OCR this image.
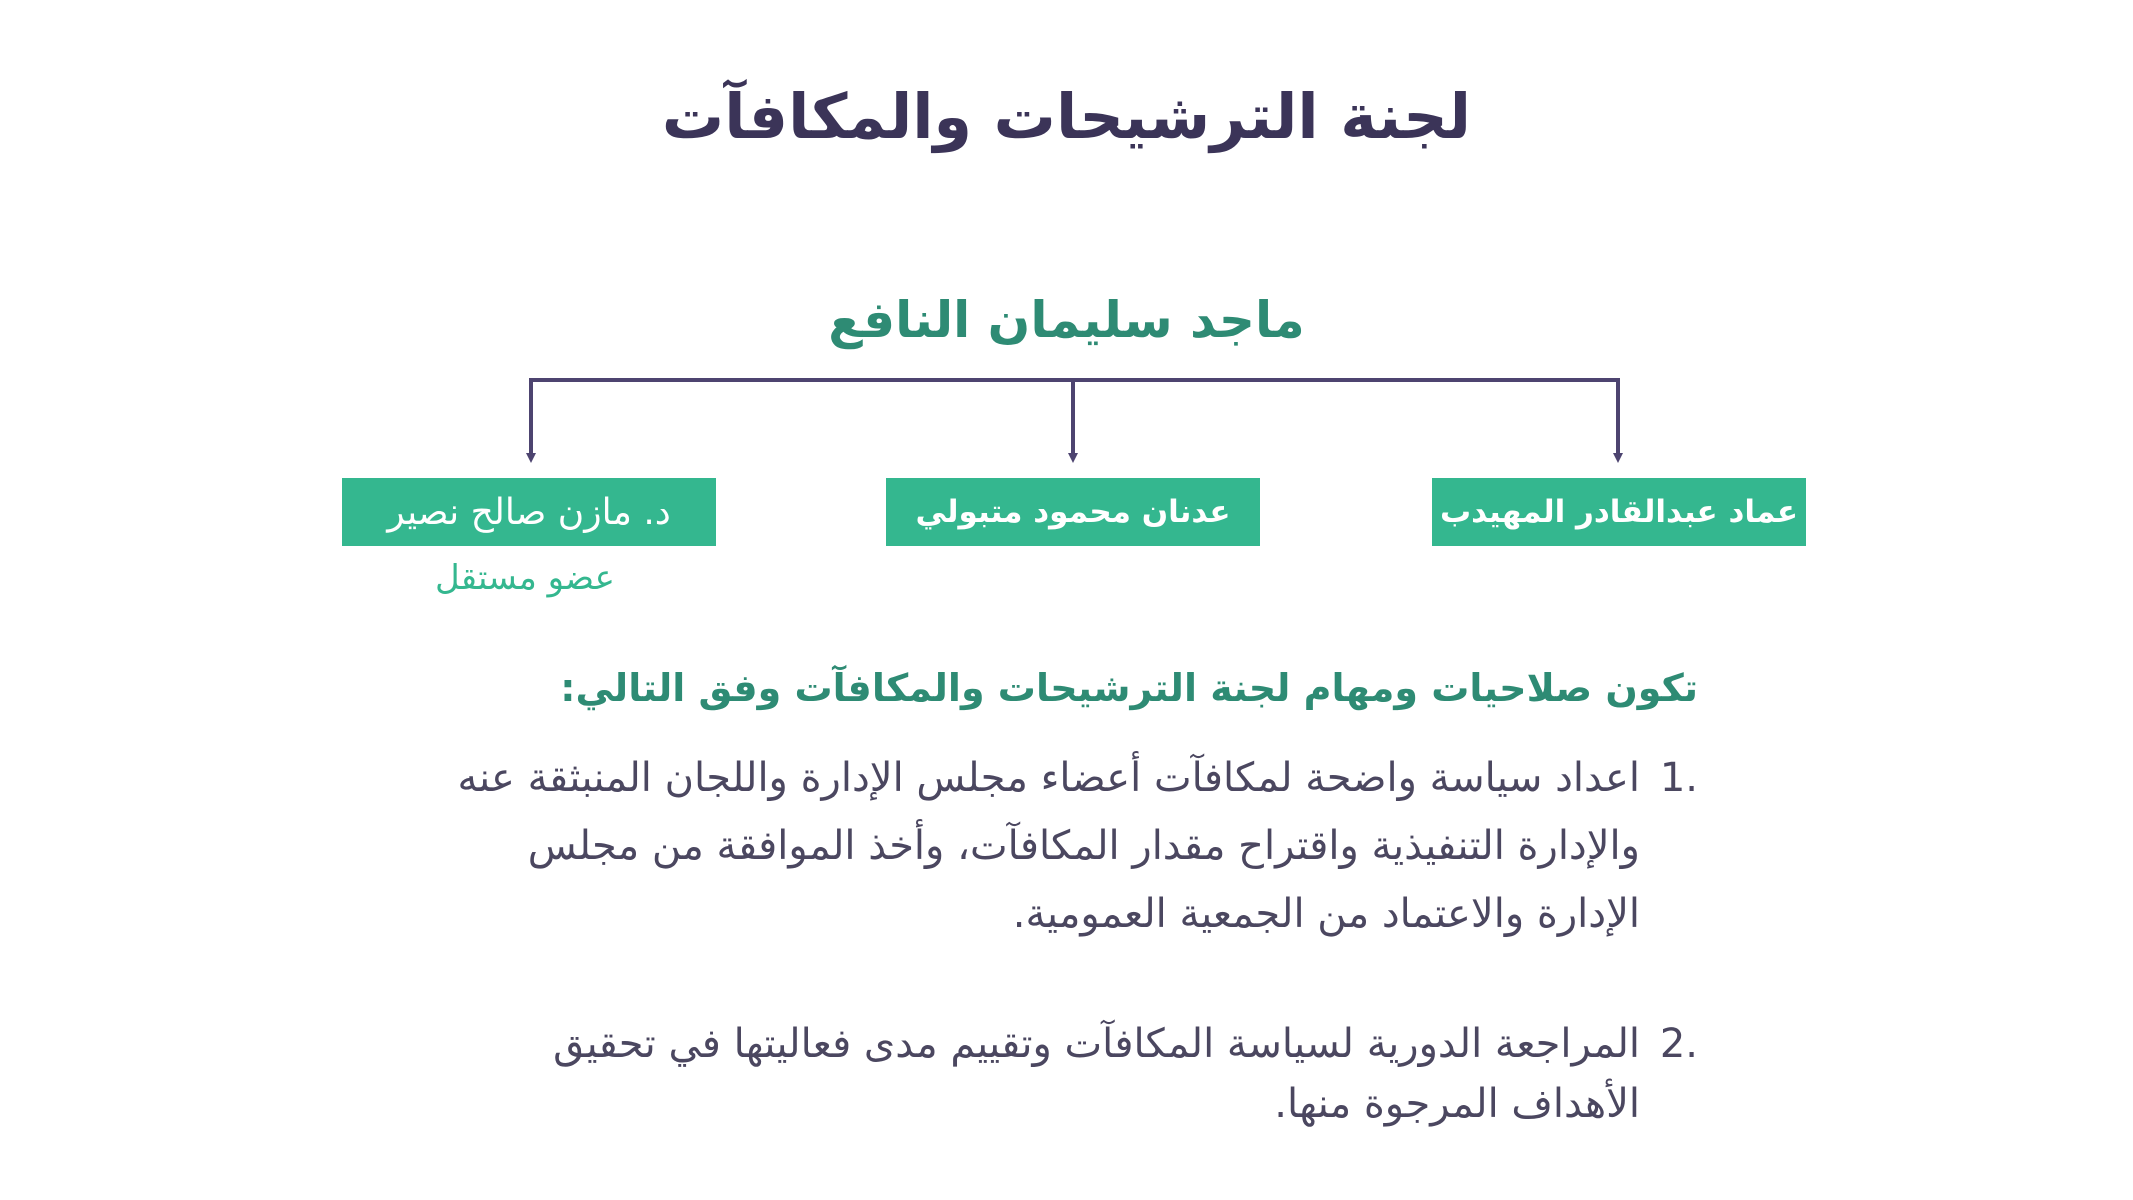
لجنة الترشيحات والمكافآت
ماجد سليمان النافع
عماد عبدالقادر المهيدب
عدنان محمود متبولي
د. مازن صالح نصير
عضو مستقل
تكون صلاحيات ومهام لجنة الترشيحات والمكافآت وفق التالي:
1.

اعداد سياسة واضحة لمكافآت أعضاء مجلس الإدارة واللجان المنبثقة عنه والإدارة التنفيذية واقتراح مقدار المكافآت، وأخذ الموافقة من مجلس الإدارة والاعتماد من الجمعية العمومية.

2.

المراجعة الدورية لسياسة المكافآت وتقييم مدى فعاليتها في تحقيق الأهداف المرجوة منها.
